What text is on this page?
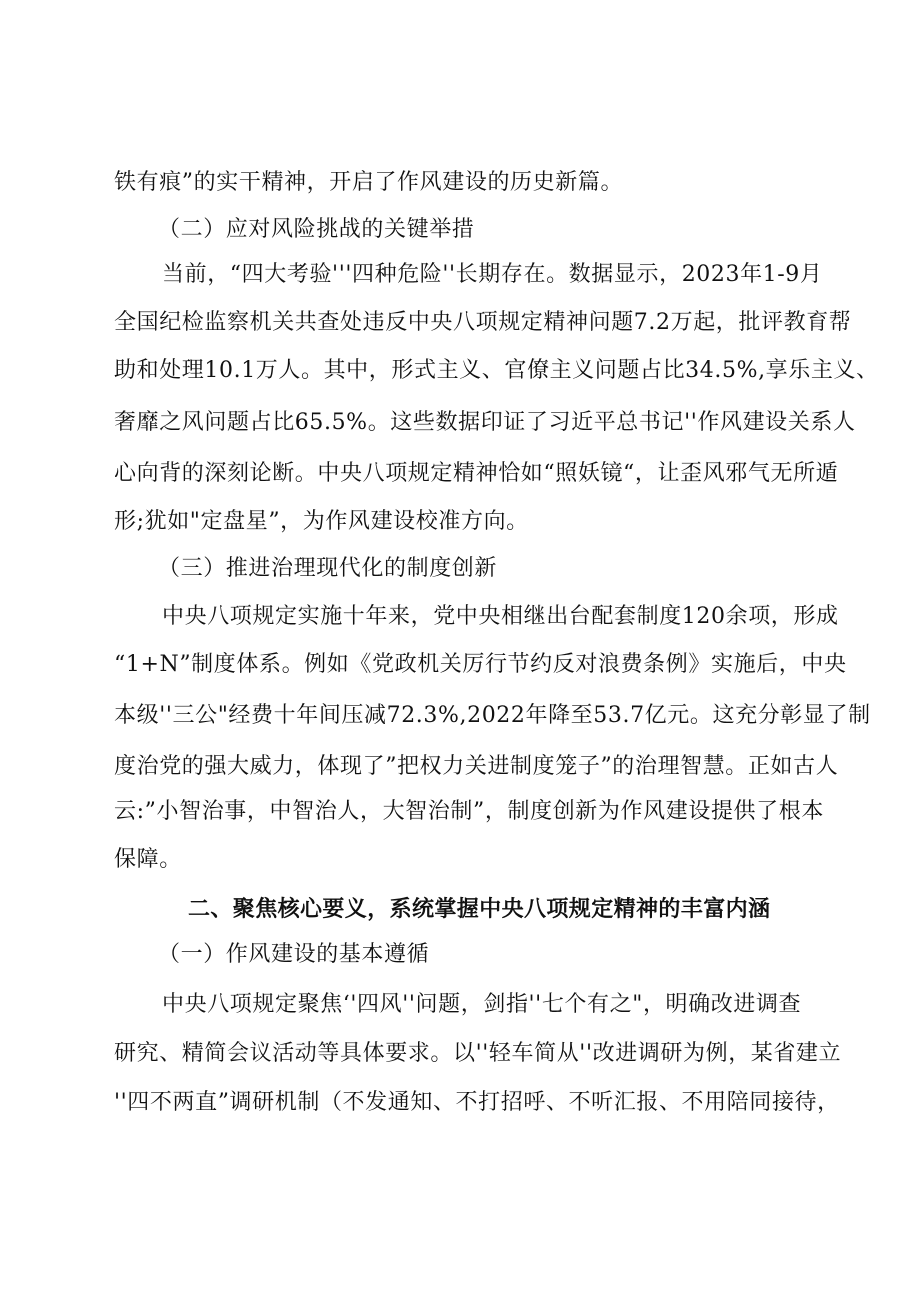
铁有痕”的实干精神，开启了作风建设的历史新篇。
（二）应对风险挑战的关键举措
当前，“四大考验'''四种危险''长期存在。数据显示，2023年1-9月
全国纪检监察机关共查处违反中央八项规定精神问题7.2万起，批评教育帮
助和处理10.1万人。其中，形式主义、官僚主义问题占比34.5%,享乐主义、
奢靡之风问题占比65.5%。这些数据印证了习近平总书记''作风建设关系人
心向背的深刻论断。中央八项规定精神恰如“照妖镜“，让歪风邪气无所遁
形;犹如"定盘星”，为作风建设校准方向。
（三）推进治理现代化的制度创新
中央八项规定实施十年来，党中央相继出台配套制度120余项，形成
“1+N”制度体系。例如《党政机关厉行节约反对浪费条例》实施后，中央
本级''三公"经费十年间压减72.3%,2022年降至53.7亿元。这充分彰显了制
度治党的强大威力，体现了”把权力关进制度笼子”的治理智慧。正如古人
云:”小智治事，中智治人，大智治制”，制度创新为作风建设提供了根本
保障。
二、聚焦核心要义，系统掌握中央八项规定精神的丰富内涵
（一）作风建设的基本遵循
中央八项规定聚焦‘'四风''问题，剑指''七个有之"，明确改进调查
研究、精简会议活动等具体要求。以''轻车简从''改进调研为例，某省建立
''四不两直”调研机制（不发通知、不打招呼、不听汇报、不用陪同接待，
